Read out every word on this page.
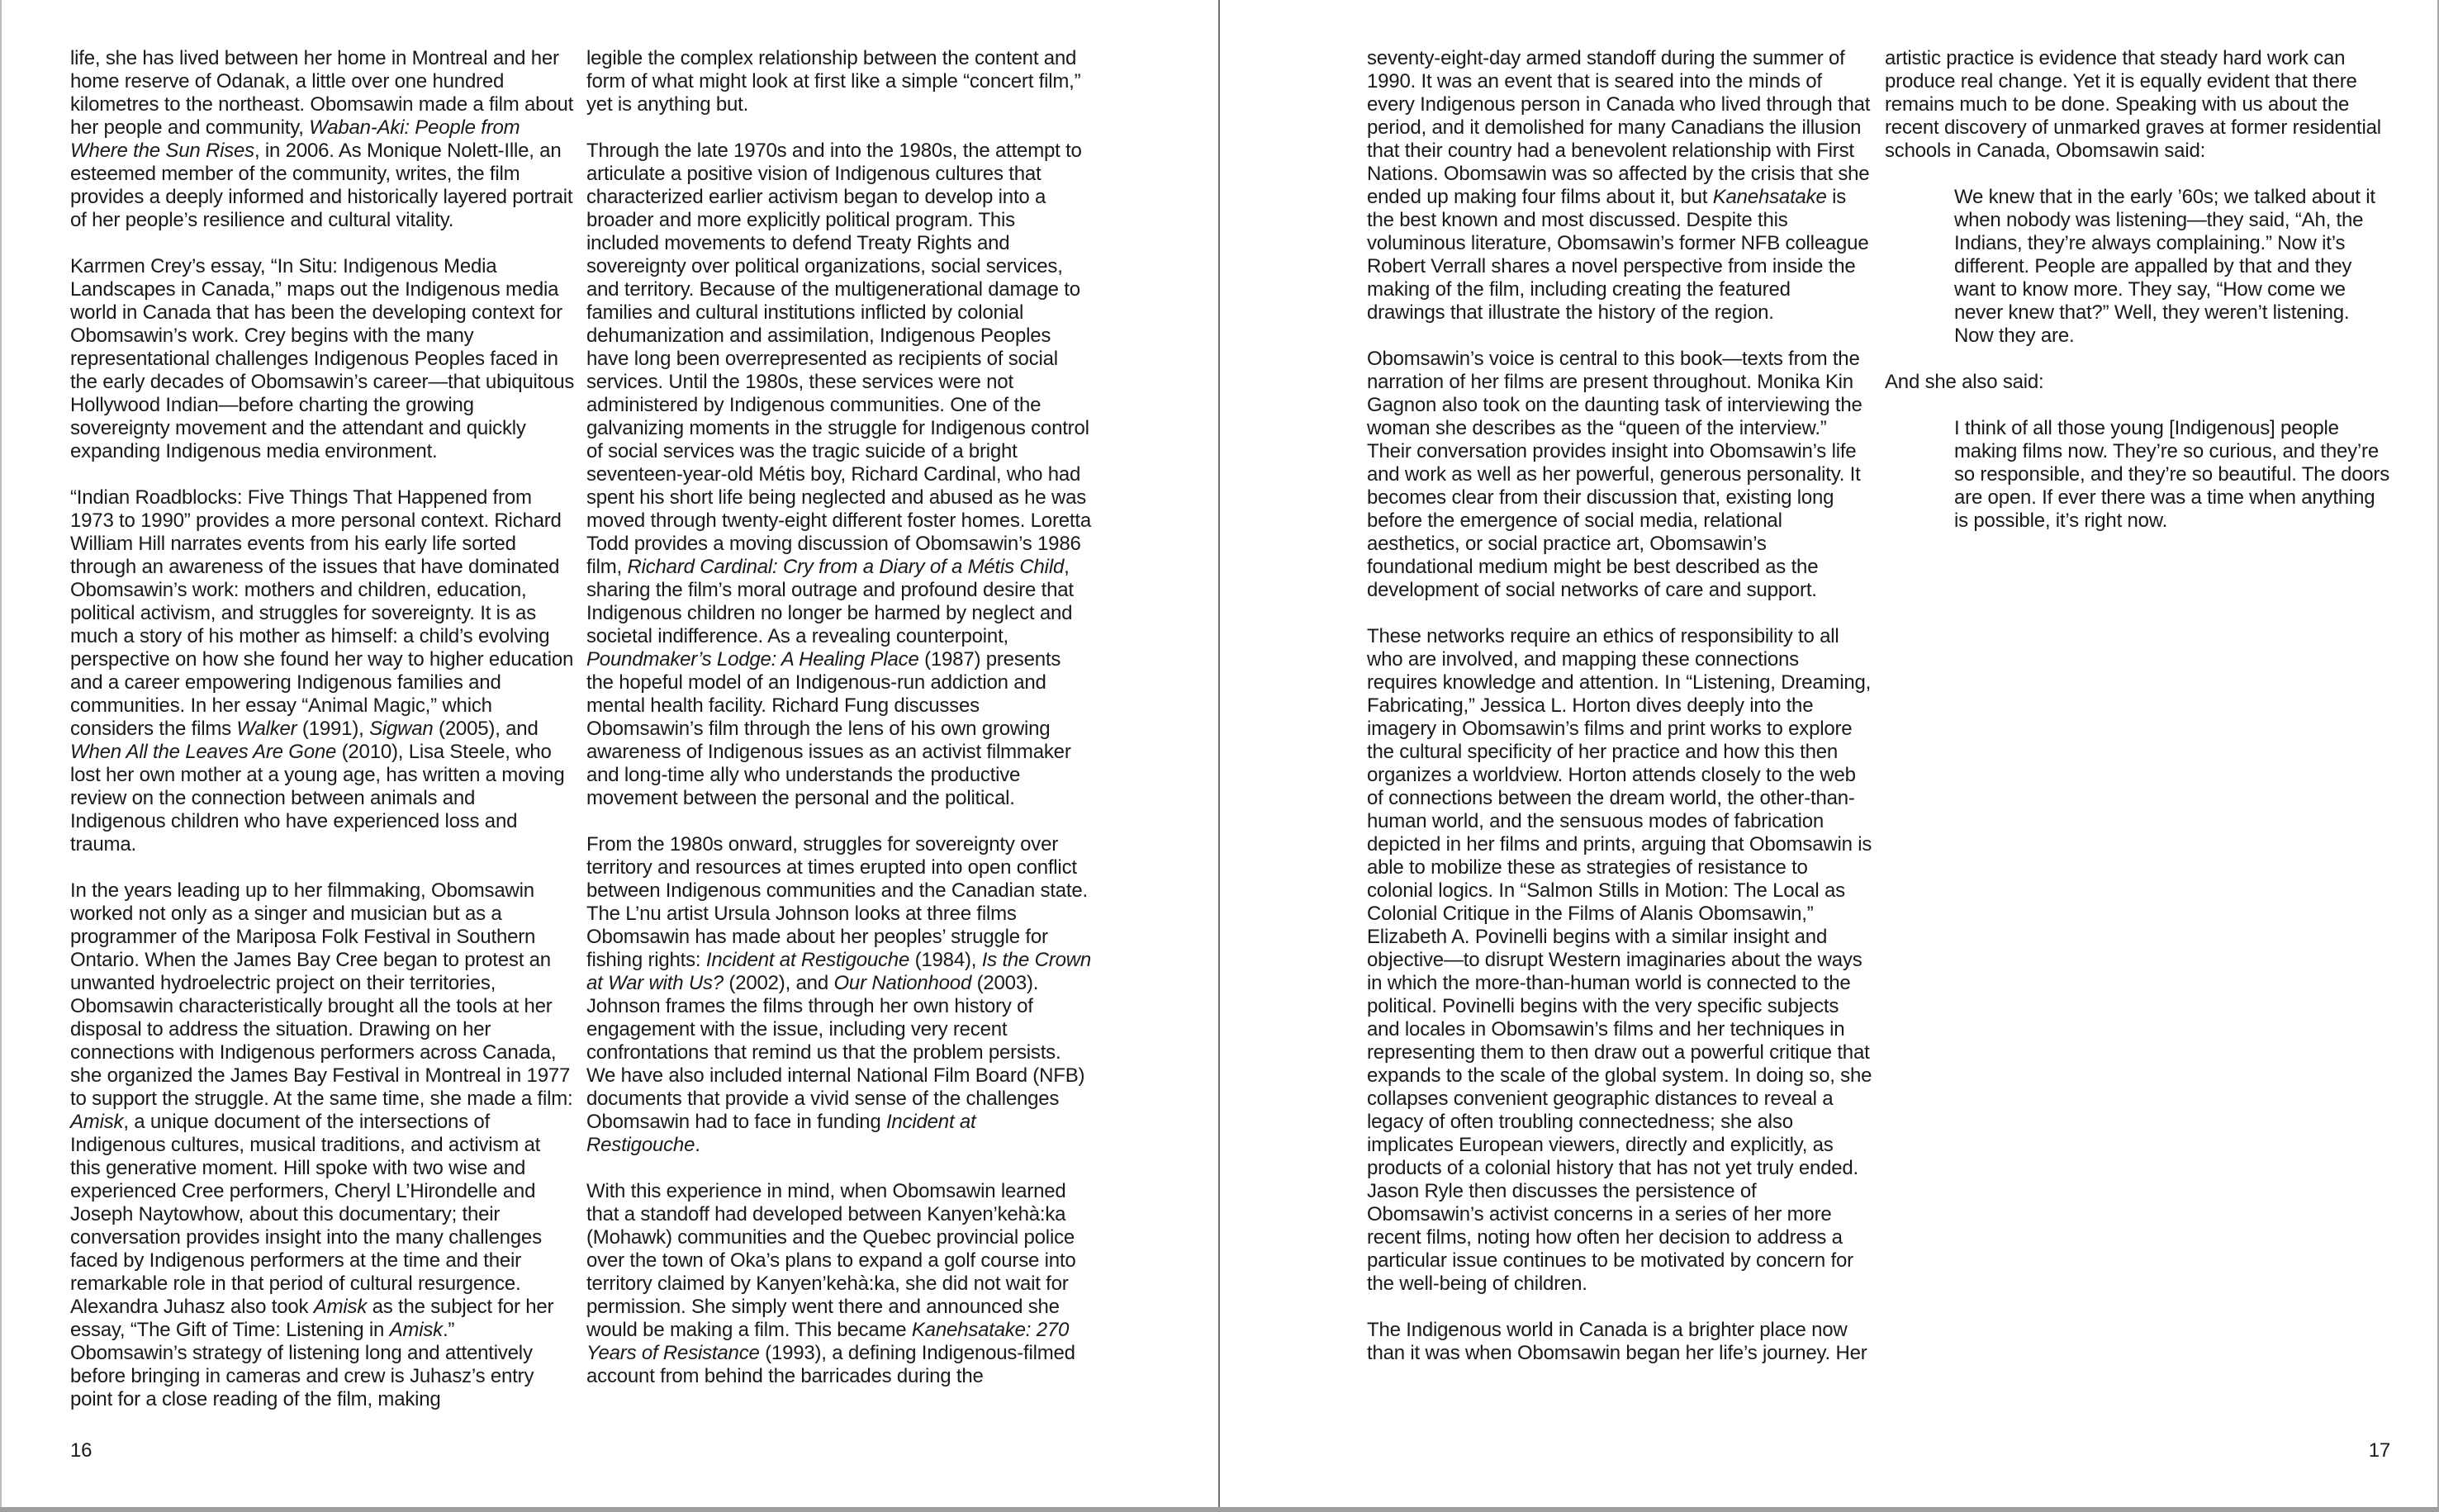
life, she has lived between her home in Montreal and her home reserve of Odanak, a little over one hundred kilometres to the northeast. Obomsawin made a film about her people and community, Waban-Aki: People from Where the Sun Rises, in 2006. As Monique Nolett-Ille, an esteemed member of the community, writes, the film provides a deeply informed and historically layered portrait of her people’s resilience and cultural vitality.

Karrmen Crey’s essay, “In Situ: Indigenous Media Landscapes in Canada,” maps out the Indigenous media world in Canada that has been the developing context for Obomsawin’s work. Crey begins with the many representational challenges Indigenous Peoples faced in the early decades of Obomsawin’s career—that ubiquitous Hollywood Indian—before charting the growing sovereignty movement and the attendant and quickly expanding Indigenous media environment.

“Indian Roadblocks: Five Things That Happened from 1973 to 1990” provides a more personal context. Richard William Hill narrates events from his early life sorted through an awareness of the issues that have dominated Obomsawin’s work: mothers and children, education, political activism, and struggles for sovereignty. It is as much a story of his mother as himself: a child’s evolving perspective on how she found her way to higher education and a career empowering Indigenous families and communities. In her essay “Animal Magic,” which considers the films Walker (1991), Sigwan (2005), and When All the Leaves Are Gone (2010), Lisa Steele, who lost her own mother at a young age, has written a moving review on the connection between animals and Indigenous children who have experienced loss and trauma.

In the years leading up to her filmmaking, Obomsawin worked not only as a singer and musician but as a programmer of the Mariposa Folk Festival in Southern Ontario. When the James Bay Cree began to protest an unwanted hydroelectric project on their territories, Obomsawin characteristically brought all the tools at her disposal to address the situation. Drawing on her connections with Indigenous performers across Canada, she organized the James Bay Festival in Montreal in 1977 to support the struggle. At the same time, she made a film: Amisk, a unique document of the intersections of Indigenous cultures, musical traditions, and activism at this generative moment. Hill spoke with two wise and experienced Cree performers, Cheryl L’Hirondelle and Joseph Naytowhow, about this documentary; their conversation provides insight into the many challenges faced by Indigenous performers at the time and their remarkable role in that period of cultural resurgence. Alexandra Juhasz also took Amisk as the subject for her essay, “The Gift of Time: Listening in Amisk.” Obomsawin’s strategy of listening long and attentively before bringing in cameras and crew is Juhasz’s entry point for a close reading of the film, making

legible the complex relationship between the content and form of what might look at first like a simple “concert film,” yet is anything but.

Through the late 1970s and into the 1980s, the attempt to articulate a positive vision of Indigenous cultures that characterized earlier activism began to develop into a broader and more explicitly political program. This included movements to defend Treaty Rights and sovereignty over political organizations, social services, and territory. Because of the multigenerational damage to families and cultural institutions inflicted by colonial dehumanization and assimilation, Indigenous Peoples have long been overrepresented as recipients of social services. Until the 1980s, these services were not administered by Indigenous communities. One of the galvanizing moments in the struggle for Indigenous control of social services was the tragic suicide of a bright seventeen-year-old Métis boy, Richard Cardinal, who had spent his short life being neglected and abused as he was moved through twenty-eight different foster homes. Loretta Todd provides a moving discussion of Obomsawin’s 1986 film, Richard Cardinal: Cry from a Diary of a Métis Child, sharing the film’s moral outrage and profound desire that Indigenous children no longer be harmed by neglect and societal indifference. As a revealing counterpoint, Poundmaker’s Lodge: A Healing Place (1987) presents the hopeful model of an Indigenous-run addiction and mental health facility. Richard Fung discusses Obomsawin’s film through the lens of his own growing awareness of Indigenous issues as an activist filmmaker and long-time ally who understands the productive movement between the personal and the political.

From the 1980s onward, struggles for sovereignty over territory and resources at times erupted into open conflict between Indigenous communities and the Canadian state. The L’nu artist Ursula Johnson looks at three films Obomsawin has made about her peoples’ struggle for fishing rights: Incident at Restigouche (1984), Is the Crown at War with Us? (2002), and Our Nationhood (2003). Johnson frames the films through her own history of engagement with the issue, including very recent confrontations that remind us that the problem persists. We have also included internal National Film Board (NFB) documents that provide a vivid sense of the challenges Obomsawin had to face in funding Incident at Restigouche.

With this experience in mind, when Obomsawin learned that a standoff had developed between Kanyen’kehà:ka (Mohawk) communities and the Quebec provincial police over the town of Oka’s plans to expand a golf course into territory claimed by Kanyen’kehà:ka, she did not wait for permission. She simply went there and announced she would be making a film. This became Kanehsatake: 270 Years of Resistance (1993), a defining Indigenous-filmed account from behind the barricades during the

16

seventy-eight-day armed standoff during the summer of 1990. It was an event that is seared into the minds of every Indigenous person in Canada who lived through that period, and it demolished for many Canadians the illusion that their country had a benevolent relationship with First Nations. Obomsawin was so affected by the crisis that she ended up making four films about it, but Kanehsatake is the best known and most discussed. Despite this voluminous literature, Obomsawin’s former NFB colleague Robert Verrall shares a novel perspective from inside the making of the film, including creating the featured drawings that illustrate the history of the region.

Obomsawin’s voice is central to this book—texts from the narration of her films are present throughout. Monika Kin Gagnon also took on the daunting task of interviewing the woman she describes as the “queen of the interview.” Their conversation provides insight into Obomsawin’s life and work as well as her powerful, generous personality. It becomes clear from their discussion that, existing long before the emergence of social media, relational aesthetics, or social practice art, Obomsawin’s foundational medium might be best described as the development of social networks of care and support.

These networks require an ethics of responsibility to all who are involved, and mapping these connections requires knowledge and attention. In “Listening, Dreaming, Fabricating,” Jessica L. Horton dives deeply into the imagery in Obomsawin’s films and print works to explore the cultural specificity of her practice and how this then organizes a worldview. Horton attends closely to the web of connections between the dream world, the other-than-human world, and the sensuous modes of fabrication depicted in her films and prints, arguing that Obomsawin is able to mobilize these as strategies of resistance to colonial logics. In “Salmon Stills in Motion: The Local as Colonial Critique in the Films of Alanis Obomsawin,” Elizabeth A. Povinelli begins with a similar insight and objective—to disrupt Western imaginaries about the ways in which the more-than-human world is connected to the political. Povinelli begins with the very specific subjects and locales in Obomsawin’s films and her techniques in representing them to then draw out a powerful critique that expands to the scale of the global system. In doing so, she collapses convenient geographic distances to reveal a legacy of often troubling connectedness; she also implicates European viewers, directly and explicitly, as products of a colonial history that has not yet truly ended. Jason Ryle then discusses the persistence of Obomsawin’s activist concerns in a series of her more recent films, noting how often her decision to address a particular issue continues to be motivated by concern for the well-being of children.

The Indigenous world in Canada is a brighter place now than it was when Obomsawin began her life’s journey. Her

artistic practice is evidence that steady hard work can produce real change. Yet it is equally evident that there remains much to be done. Speaking with us about the recent discovery of unmarked graves at former residential schools in Canada, Obomsawin said:

We knew that in the early ’60s; we talked about it when nobody was listening—they said, “Ah, the Indians, they’re always complaining.” Now it’s different. People are appalled by that and they want to know more. They say, “How come we never knew that?” Well, they weren’t listening. Now they are.

And she also said:

I think of all those young [Indigenous] people making films now. They’re so curious, and they’re so responsible, and they’re so beautiful. The doors are open. If ever there was a time when anything is possible, it’s right now.

17
